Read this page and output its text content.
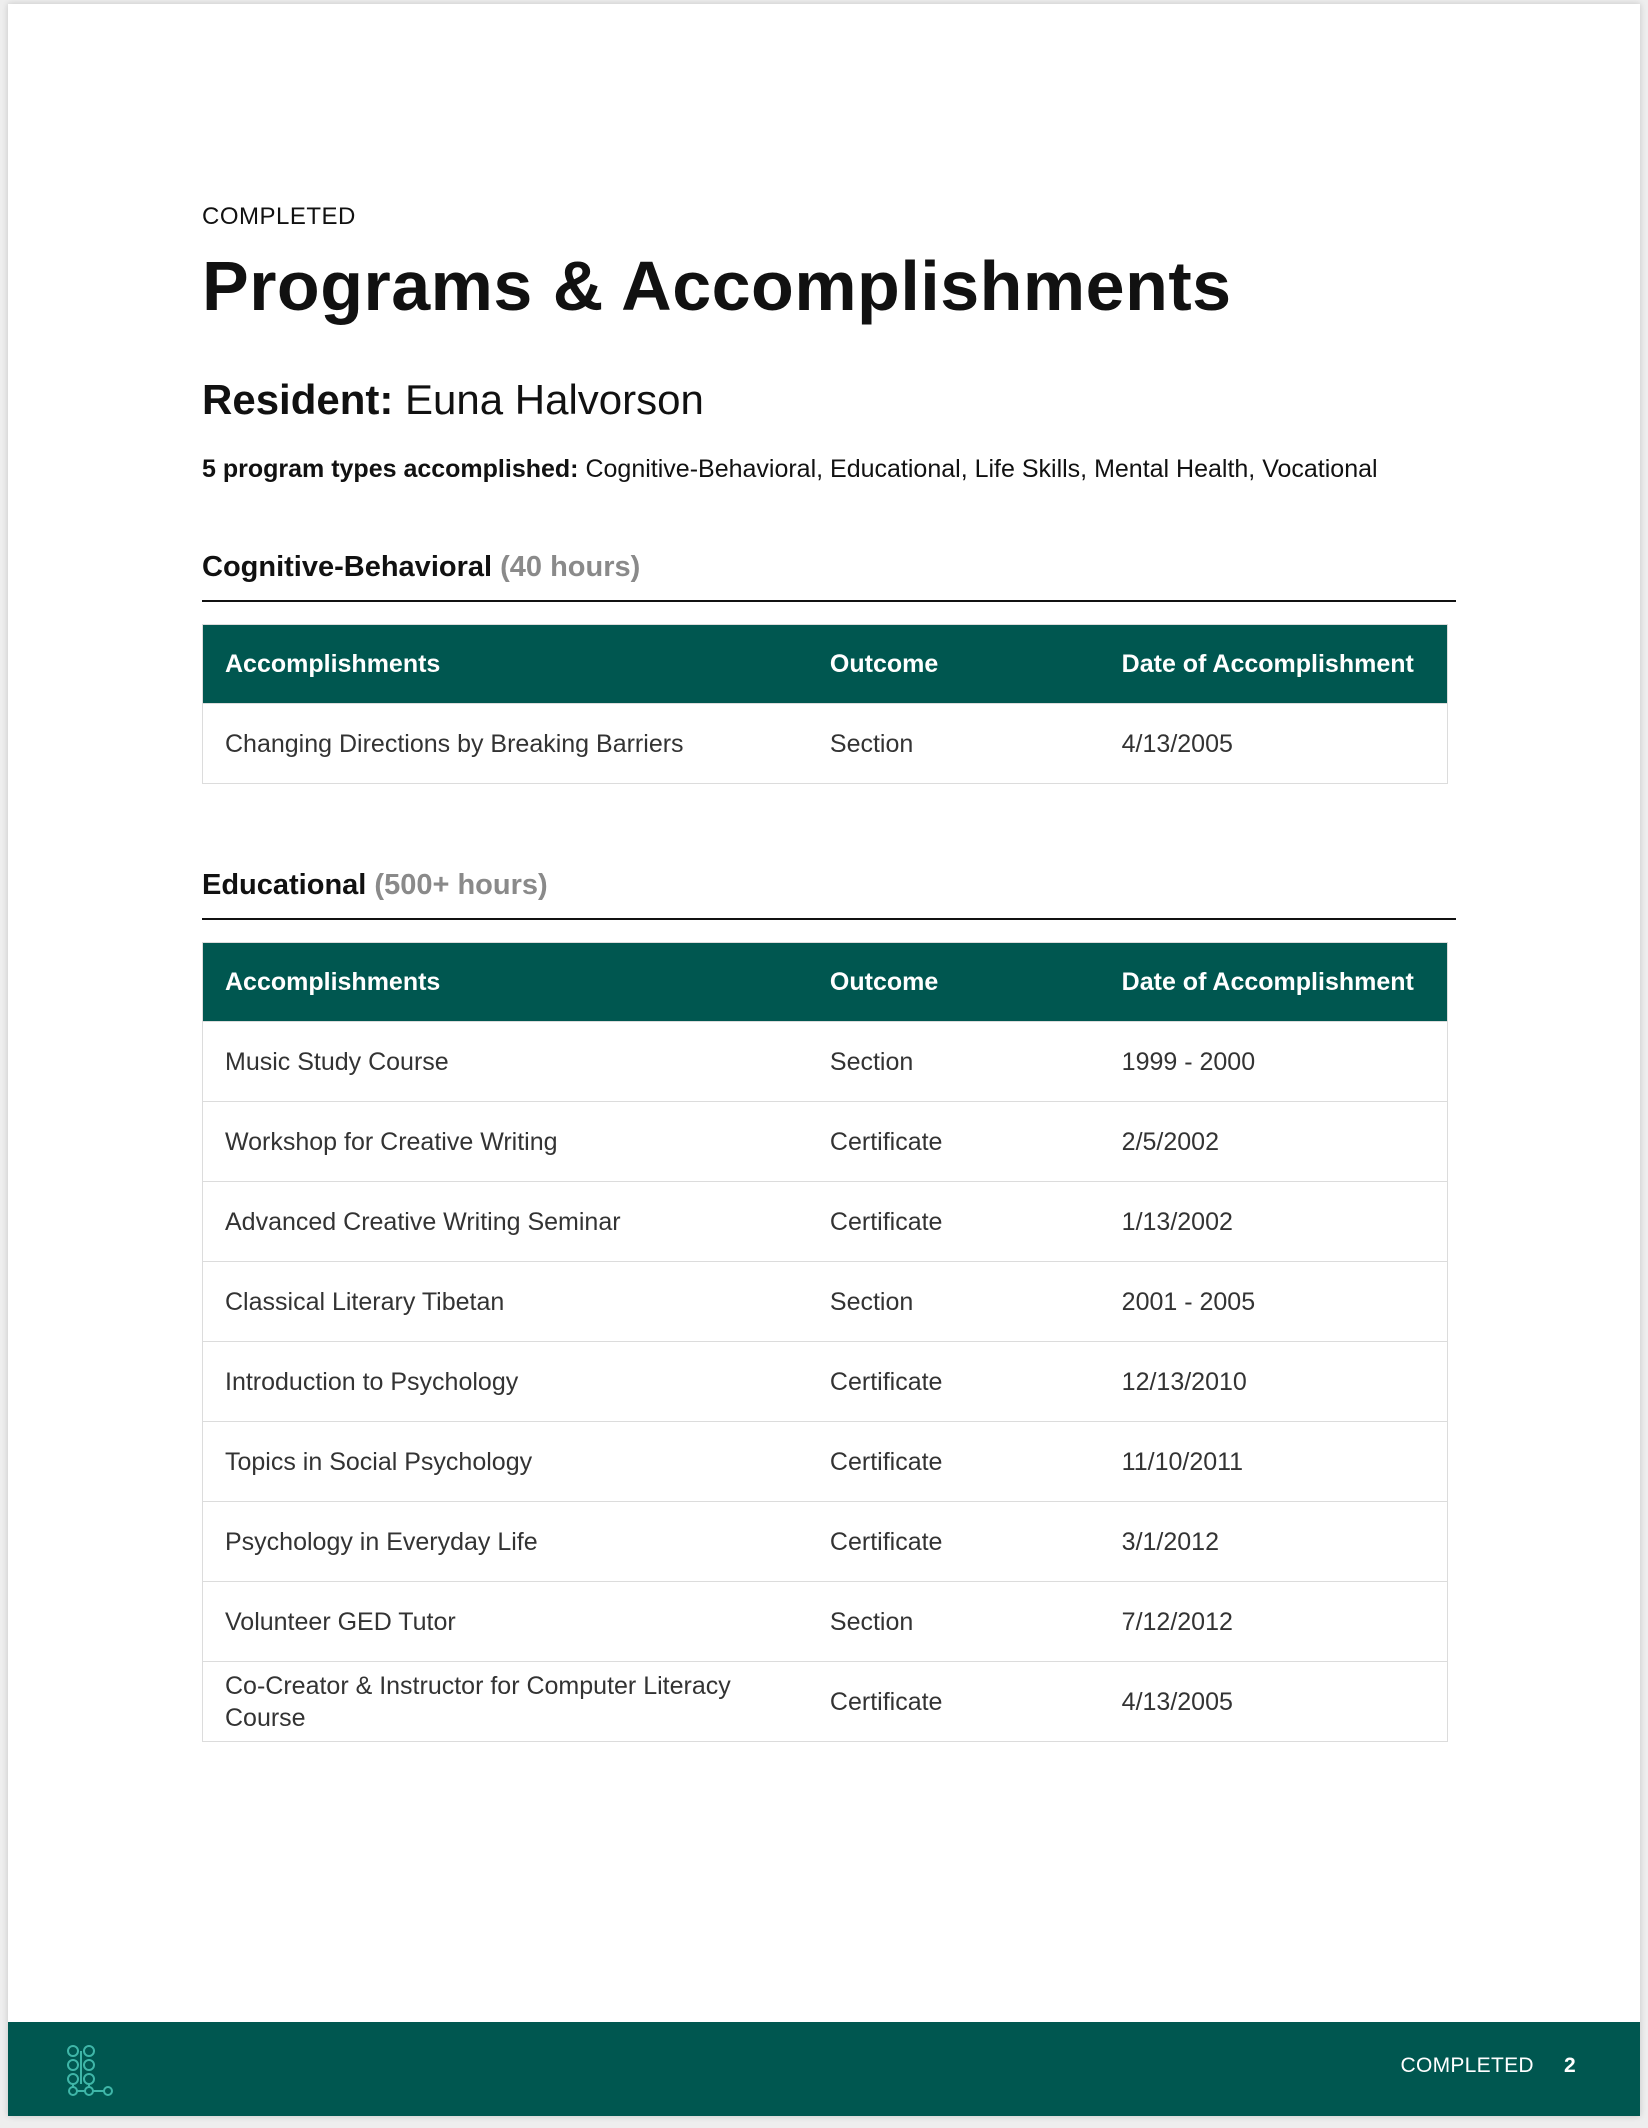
COMPLETED

Programs & Accomplishments

Resident: Euna Halvorson

5 program types accomplished: Cognitive-Behavioral, Educational, Life Skills, Mental Health, Vocational

Cognitive-Behavioral (40 hours)
Accomplishments	Outcome	Date of Accomplishment
Changing Directions by Breaking Barriers	Section	4/13/2005
Educational (500+ hours)
Accomplishments	Outcome	Date of Accomplishment
Music Study Course	Section	1999 - 2000
Workshop for Creative Writing	Certificate	2/5/2002
Advanced Creative Writing Seminar	Certificate	1/13/2002
Classical Literary Tibetan	Section	2001 - 2005
Introduction to Psychology	Certificate	12/13/2010
Topics in Social Psychology	Certificate	11/10/2011
Psychology in Everyday Life	Certificate	3/1/2012
Volunteer GED Tutor	Section	7/12/2012
Co-Creator & Instructor for Computer Literacy Course	Certificate	4/13/2005
COMPLETED 2
